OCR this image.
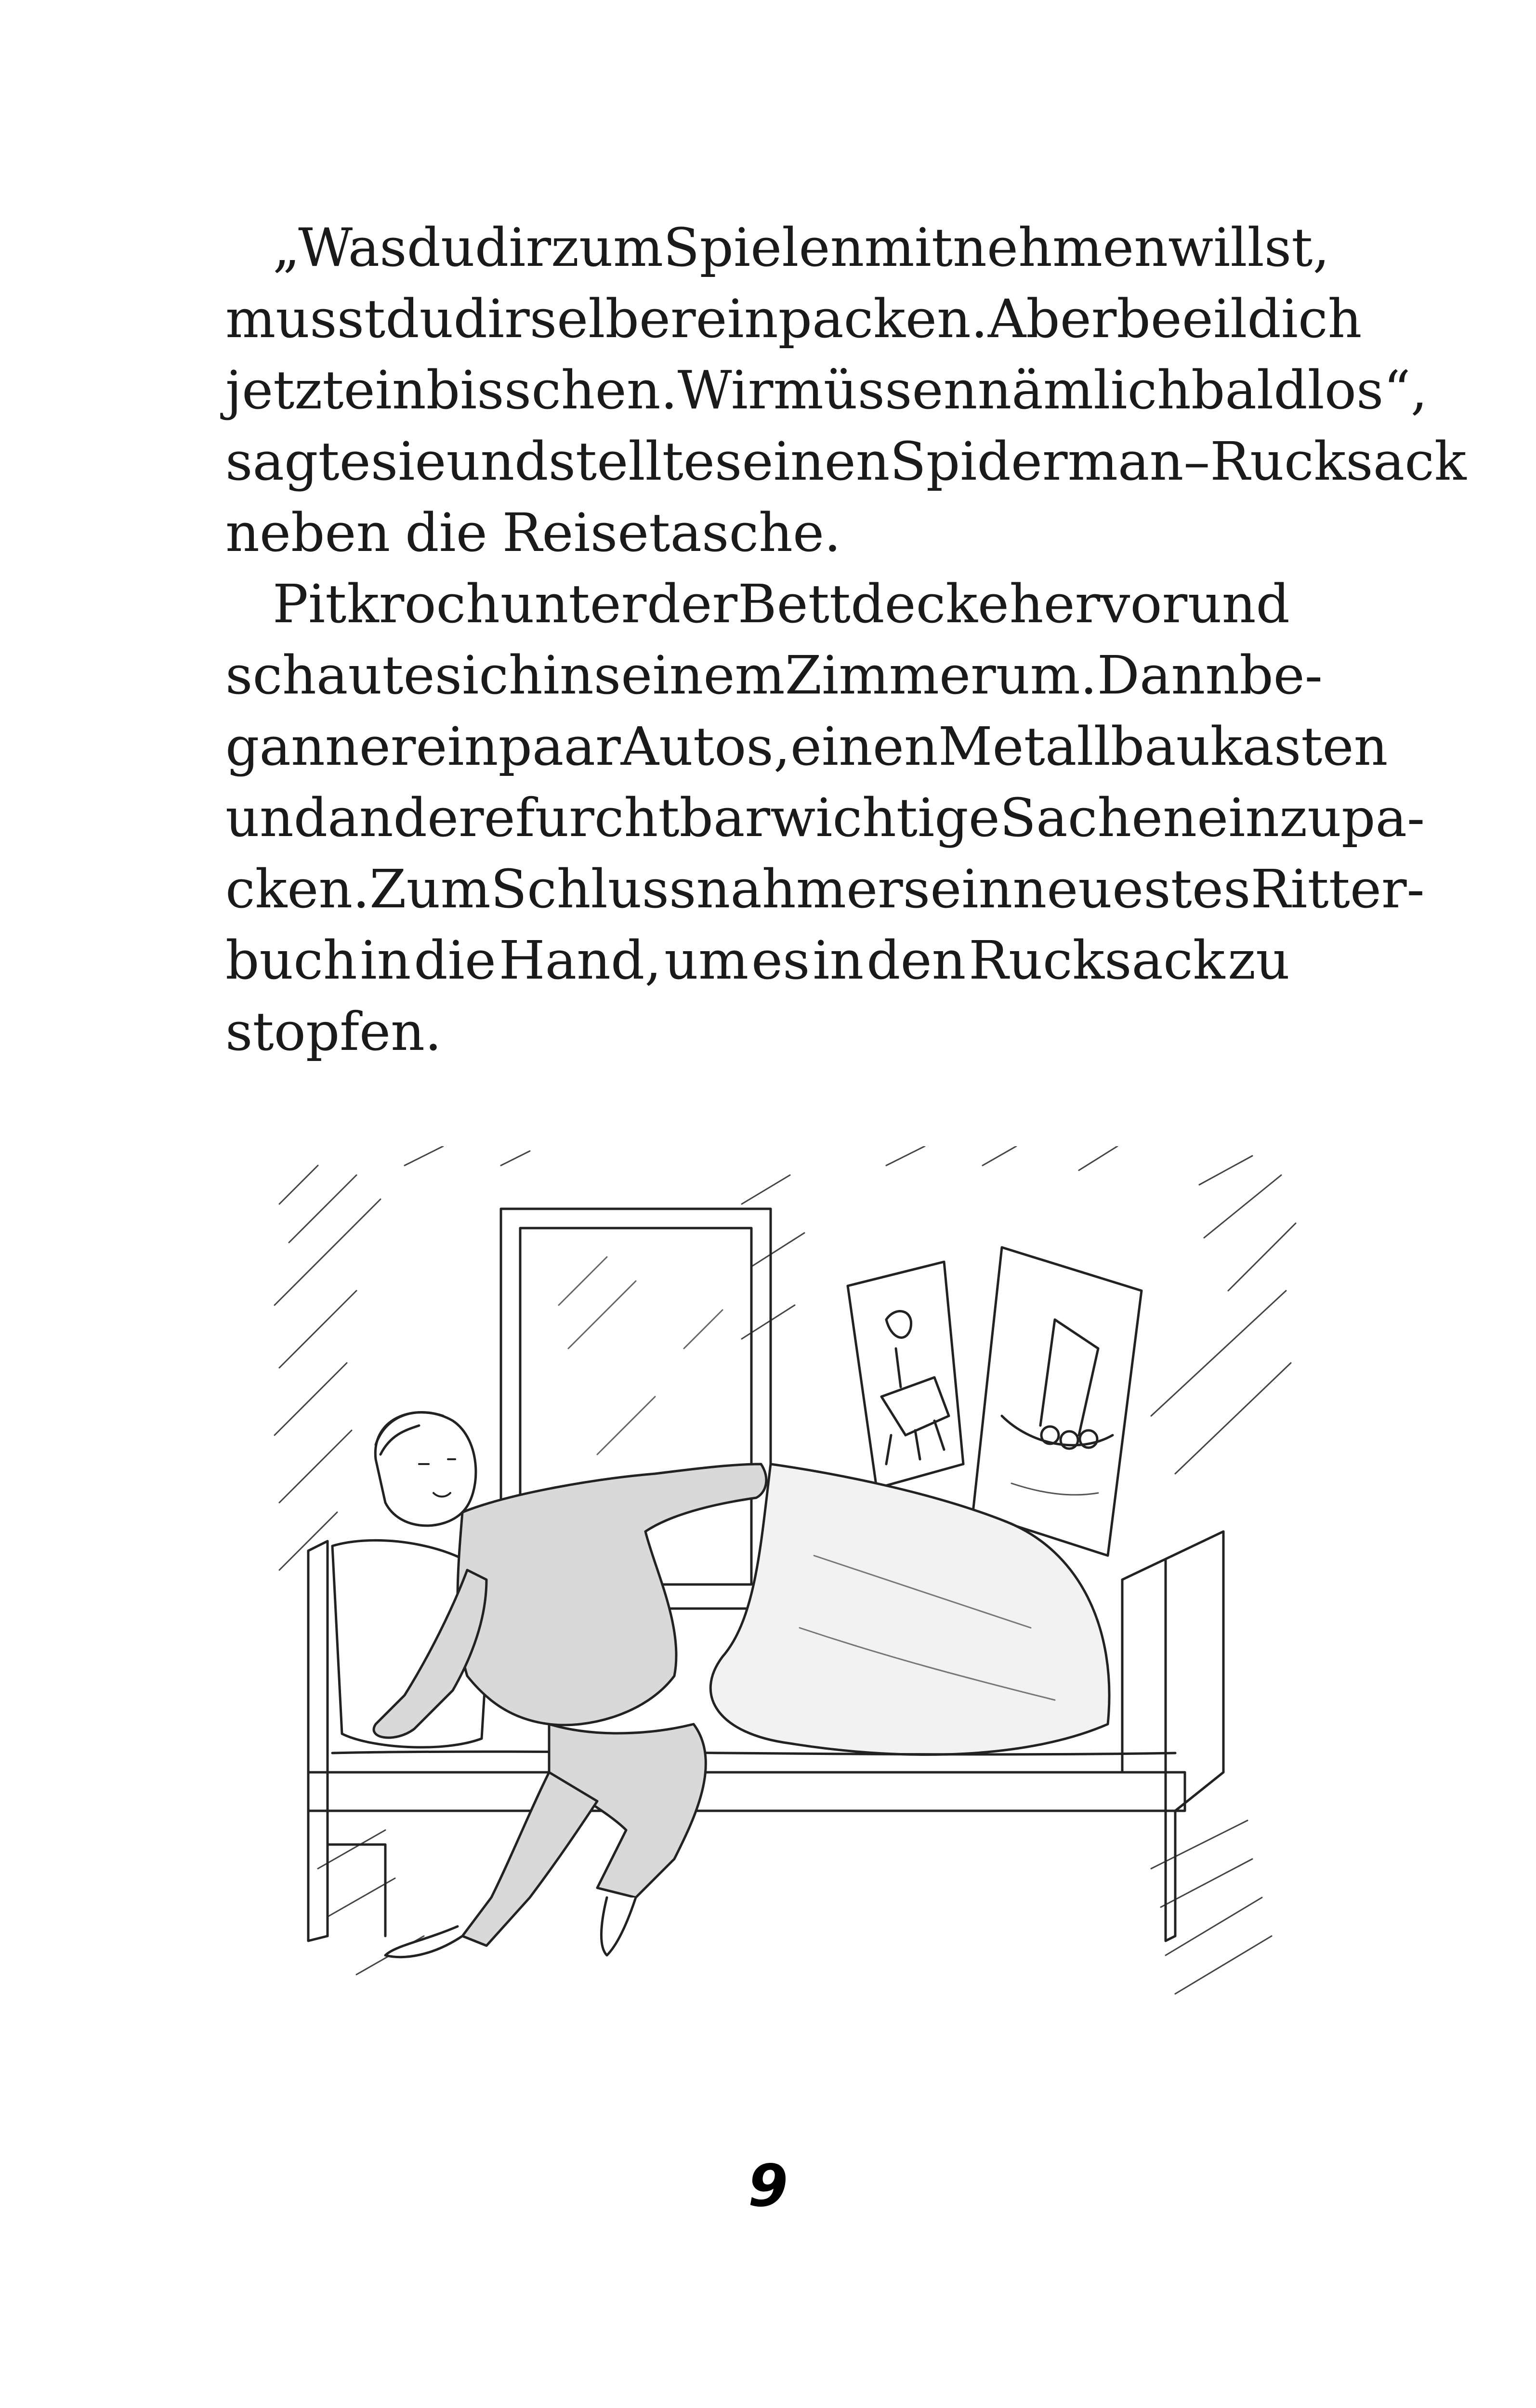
„Was du dir zum Spielen mitnehmen willst,
musst du dir selber einpacken. Aber beeil dich
jetzt ein bisschen. Wir müssen nämlich bald los“,
sagte sie und stellte seinen Spiderman–Rucksack
neben die Reisetasche.
Pit kroch unter der Bettdecke hervor und
schaute sich in seinem Zimmer um. Dann be-
gann er ein paar Autos, einen Metallbaukasten
und andere furchtbar wichtige Sachen einzupa-
cken. Zum Schluss nahm er sein neuestes Ritter-
buch in die Hand, um es in den Rucksack zu
stopfen.
9
